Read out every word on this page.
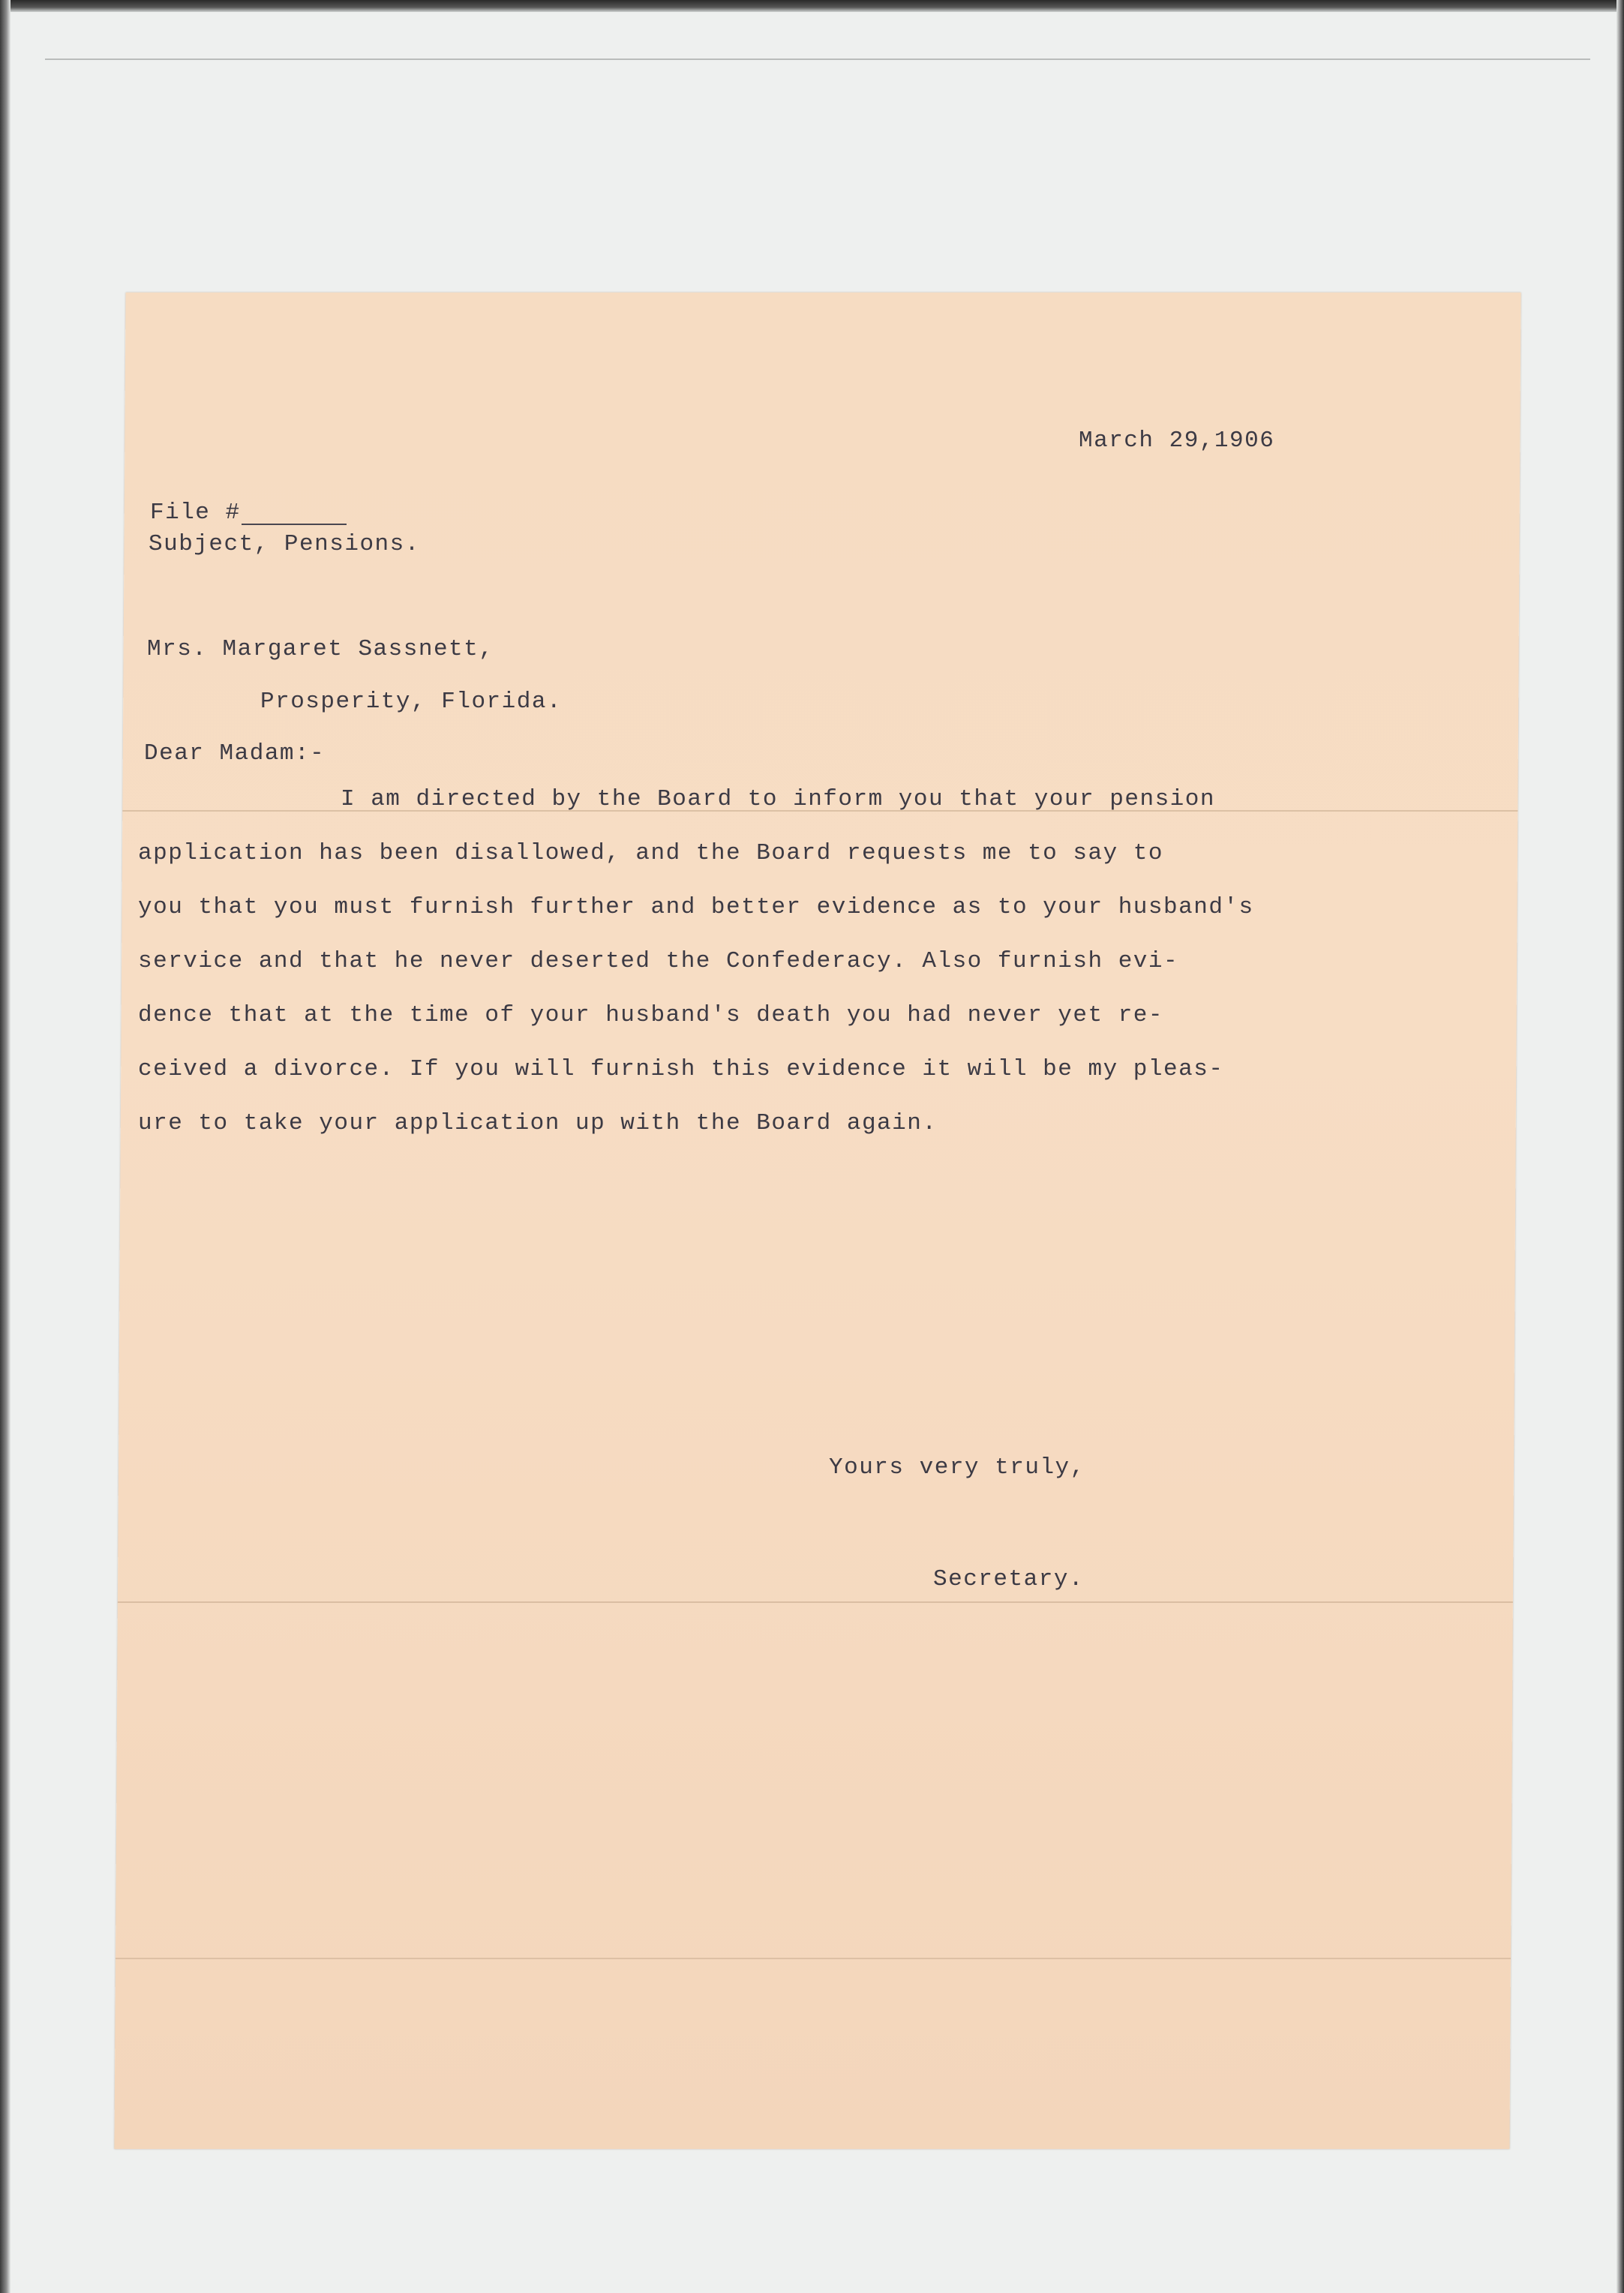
March 29,1906
File #
Subject, Pensions.
Mrs. Margaret Sassnett,
Prosperity, Florida.
Dear Madam:-
I am directed by the Board to inform you that your pension
application has been disallowed, and the Board requests me to say to
you that you must furnish further and better evidence as to your husband's
service and that he never deserted the Confederacy. Also furnish evi-
dence that at the time of your husband's death you had never yet re-
ceived a divorce. If you will furnish this evidence it will be my pleas-
ure to take your application up with the Board again.
Yours very truly,
Secretary.
